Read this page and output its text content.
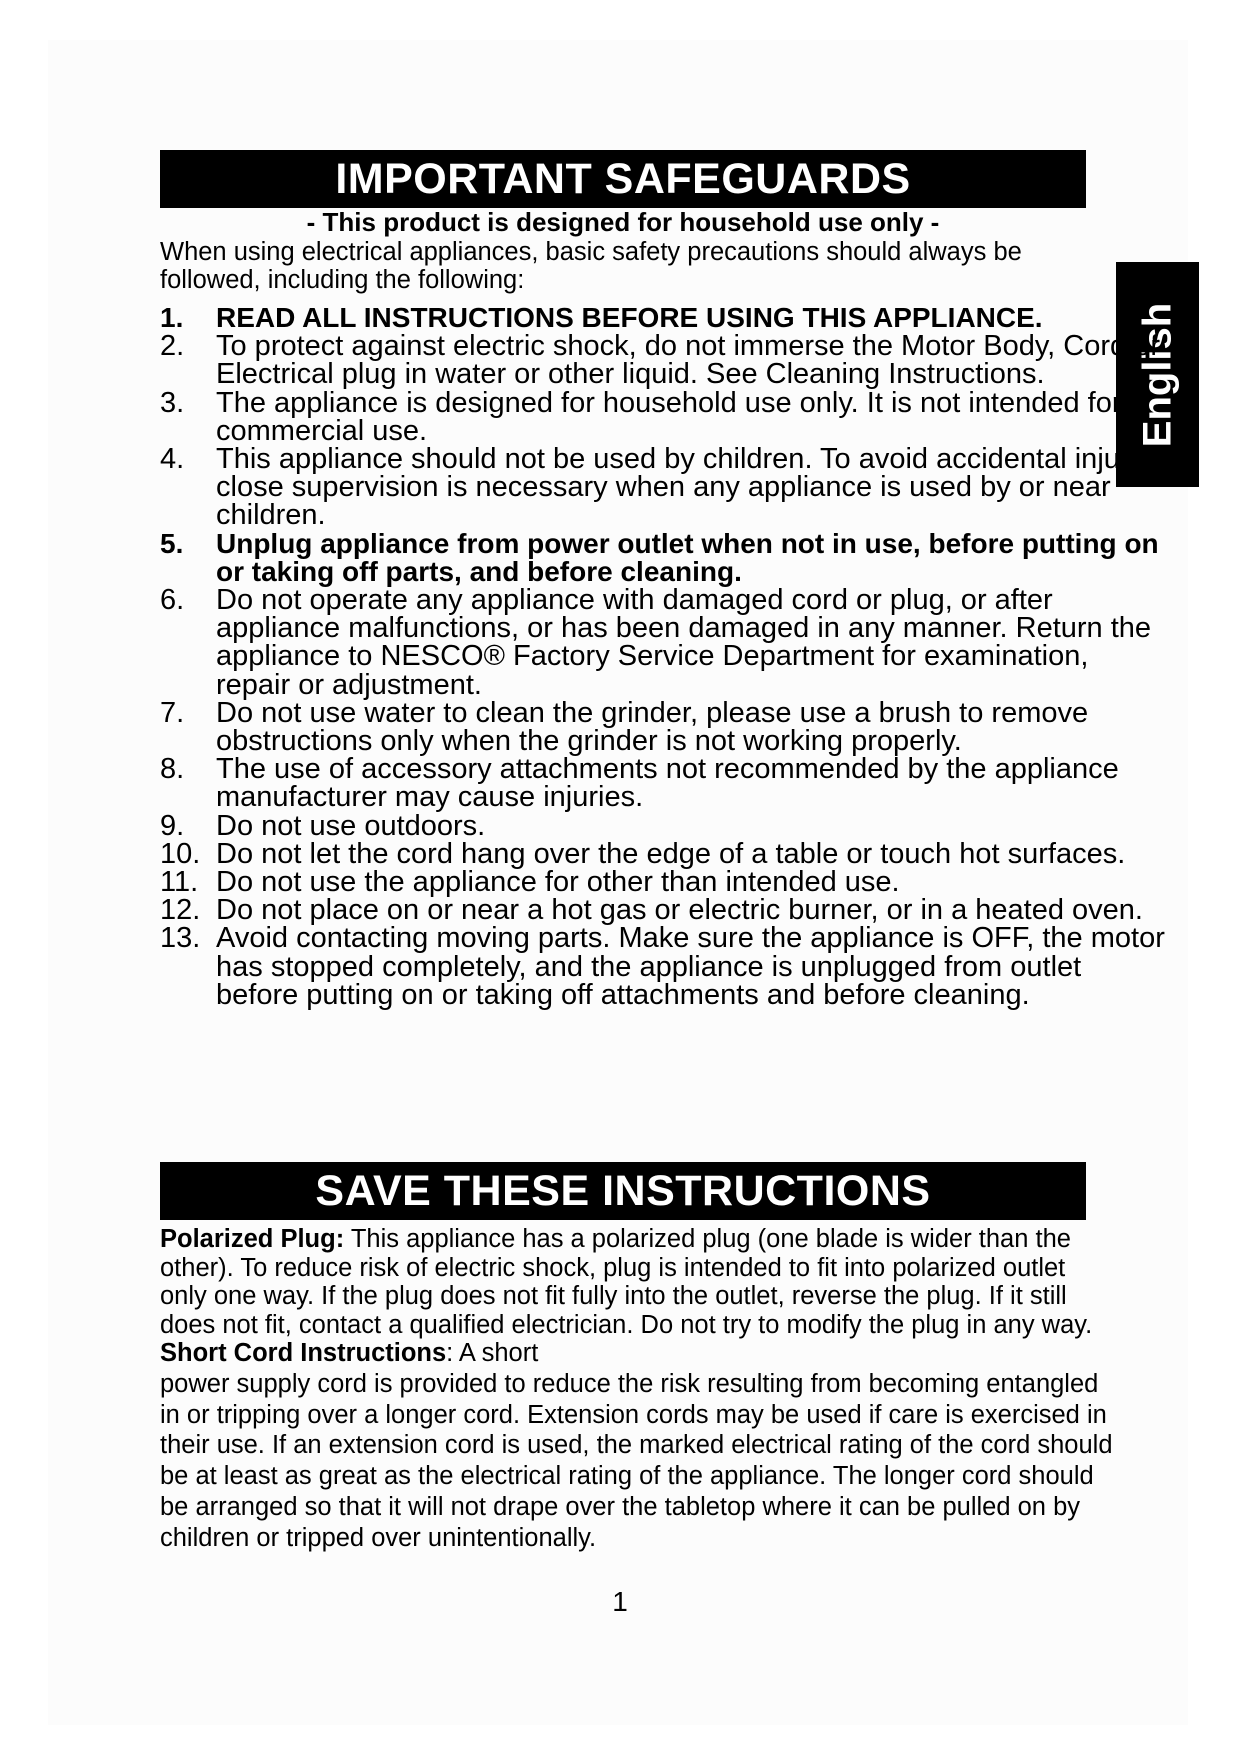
IMPORTANT SAFEGUARDS
- This product is designed for household use only -
English
When using electrical appliances, basic safety precautions should always be followed, including the following:
1.	READ ALL INSTRUCTIONS BEFORE USING THIS APPLIANCE.
2.	To protect against electric shock, do not immerse the Motor Body, Cord or Electrical plug in water or other liquid. See Cleaning Instructions.
3.	The appliance is designed for household use only. It is not intended for commercial use.
4.	This appliance should not be used by children. To avoid accidental injury, close supervision is necessary when any appliance is used by or near children.
5.	Unplug appliance from power outlet when not in use, before putting on or taking off parts, and before cleaning.
6.	Do not operate any appliance with damaged cord or plug, or after appliance malfunctions, or has been damaged in any manner. Return the appliance to NESCO® Factory Service Department for examination, repair or adjustment.
7.	Do not use water to clean the grinder, please use a brush to remove obstructions only when the grinder is not working properly.
8.	The use of accessory attachments not recommended by the appliance manufacturer may cause injuries.
9.	Do not use outdoors.
10. Do not let the cord hang over the edge of a table or touch hot surfaces.
11. Do not use the appliance for other than intended use.
12. Do not place on or near a hot gas or electric burner, or in a heated oven.
13. Avoid contacting moving parts. Make sure the appliance is OFF, the motor has stopped completely, and the appliance is unplugged from outlet before putting on or taking off attachments and before cleaning.
SAVE THESE INSTRUCTIONS
Polarized Plug: This appliance has a polarized plug (one blade is wider than the other). To reduce risk of electric shock, plug is intended to fit into polarized outlet only one way. If the plug does not fit fully into the outlet, reverse the plug. If it still does not fit, contact a qualified electrician. Do not try to modify the plug in any way. Short Cord Instructions: A short
power supply cord is provided to reduce the risk resulting from becoming entangled in or tripping over a longer cord. Extension cords may be used if care is exercised in their use. If an extension cord is used, the marked electrical rating of the cord should be at least as great as the electrical rating of the appliance. The longer cord should be arranged so that it will not drape over the tabletop where it can be pulled on by children or tripped over unintentionally.
1
